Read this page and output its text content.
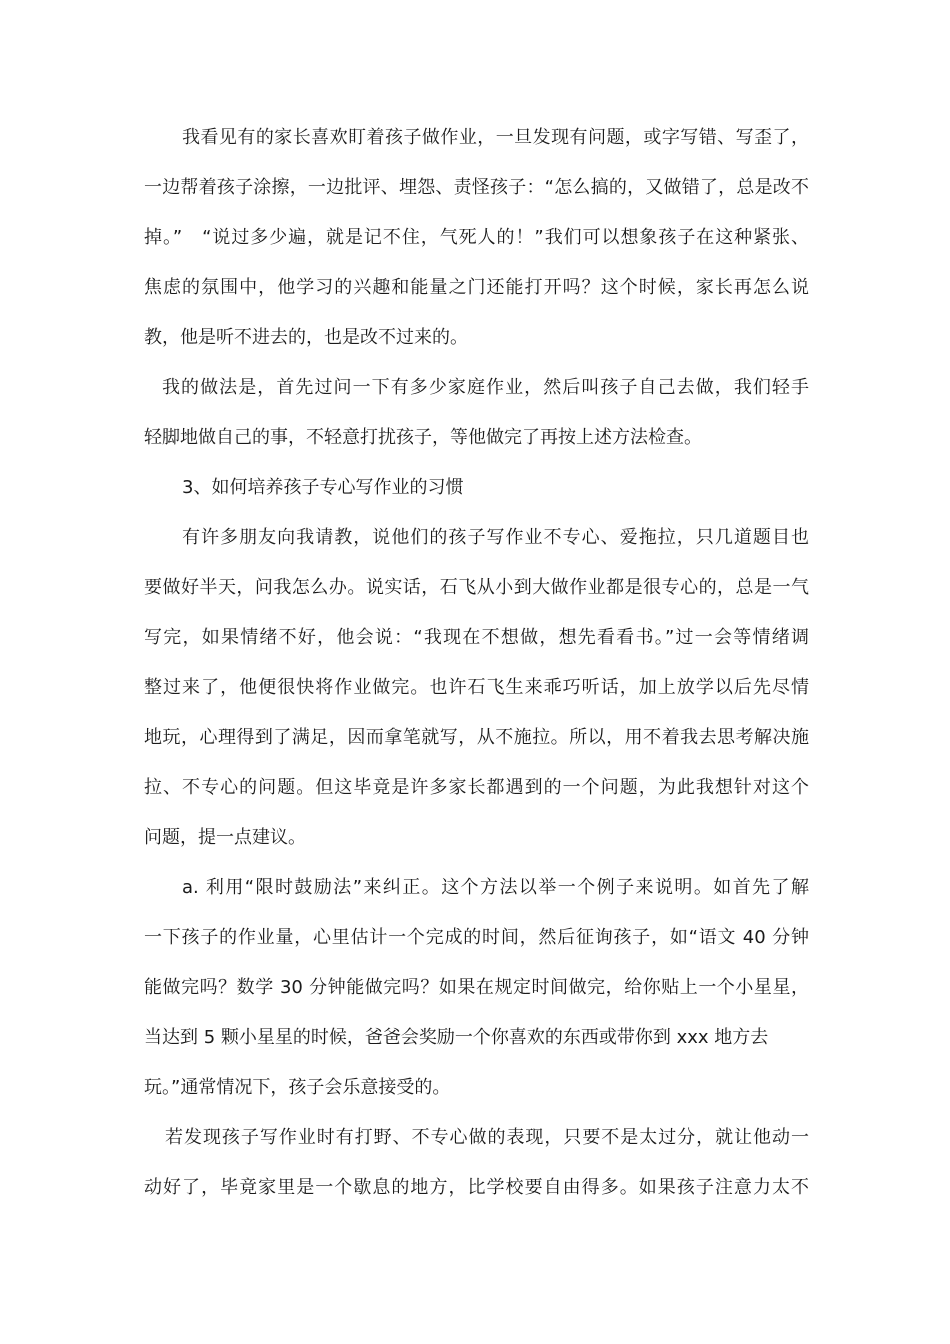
我看见有的家长喜欢盯着孩子做作业，一旦发现有问题，或字写错、写歪了，
一边帮着孩子涂擦，一边批评、埋怨、责怪孩子：“怎么搞的，又做错了，总是改不
掉。”　“说过多少遍，就是记不住，气死人的！”我们可以想象孩子在这种紧张、
焦虑的氛围中，他学习的兴趣和能量之门还能打开吗？这个时候，家长再怎么说
教，他是听不进去的，也是改不过来的。
我的做法是，首先过问一下有多少家庭作业，然后叫孩子自己去做，我们轻手
轻脚地做自己的事，不轻意打扰孩子，等他做完了再按上述方法检查。
3、如何培养孩子专心写作业的习惯
有许多朋友向我请教，说他们的孩子写作业不专心、爱拖拉，只几道题目也
要做好半天，问我怎么办。说实话，石飞从小到大做作业都是很专心的，总是一气
写完，如果情绪不好，他会说：“我现在不想做，想先看看书。”过一会等情绪调
整过来了，他便很快将作业做完。也许石飞生来乖巧听话，加上放学以后先尽情
地玩，心理得到了满足，因而拿笔就写，从不施拉。所以，用不着我去思考解决施
拉、不专心的问题。但这毕竟是许多家长都遇到的一个问题，为此我想针对这个
问题，提一点建议。
a. 利用“限时鼓励法”来纠正。这个方法以举一个例子来说明。如首先了解
一下孩子的作业量，心里估计一个完成的时间，然后征询孩子，如“语文 40 分钟
能做完吗？数学 30 分钟能做完吗？如果在规定时间做完，给你贴上一个小星星，
当达到 5 颗小星星的时候，爸爸会奖励一个你喜欢的东西或带你到 xxx 地方去
玩。”通常情况下，孩子会乐意接受的。
若发现孩子写作业时有打野、不专心做的表现，只要不是太过分，就让他动一
动好了，毕竟家里是一个歇息的地方，比学校要自由得多。如果孩子注意力太不
